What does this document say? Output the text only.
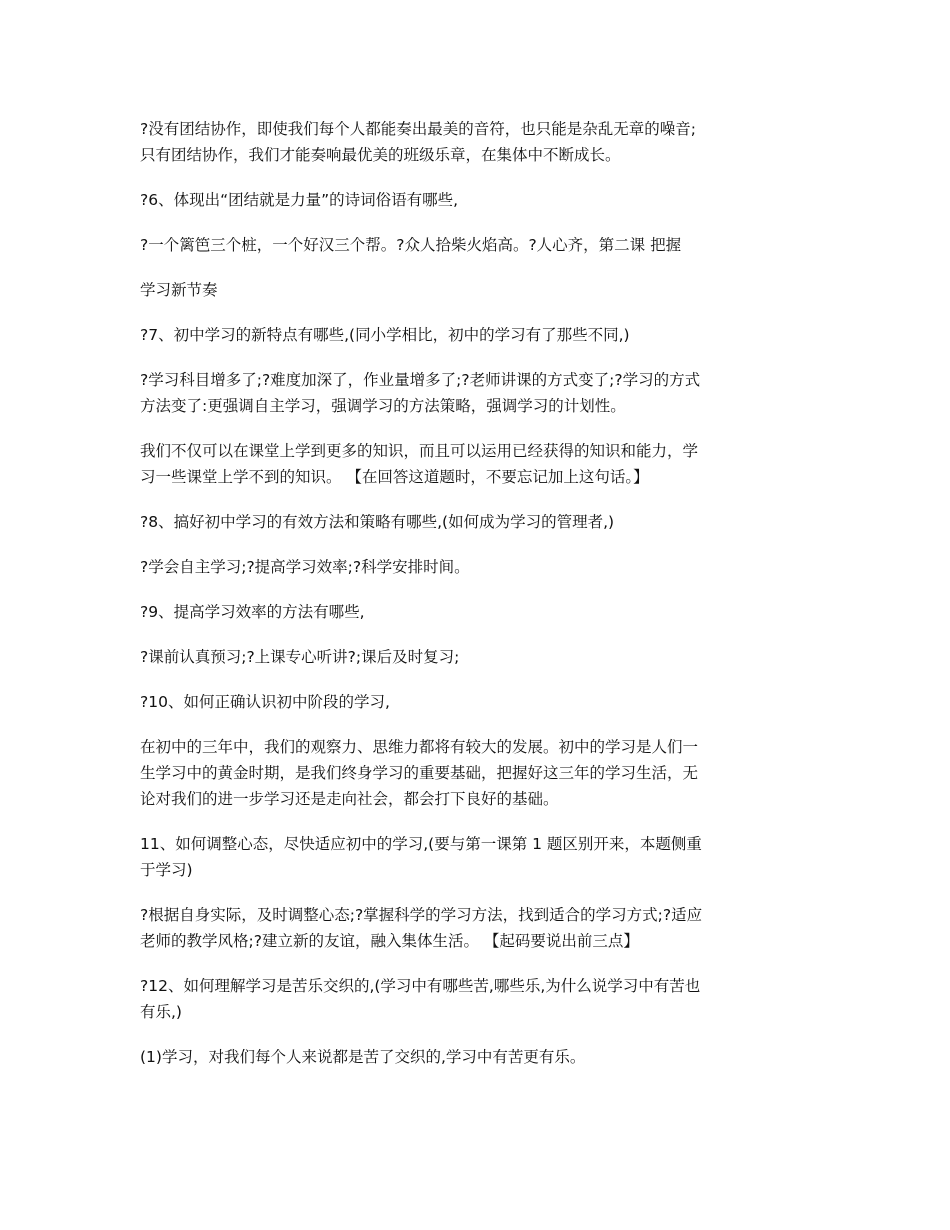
?没有团结协作，即使我们每个人都能奏出最美的音符，也只能是杂乱无章的噪音;
只有团结协作，我们才能奏响最优美的班级乐章，在集体中不断成长。

?6、体现出“团结就是力量”的诗词俗语有哪些,

?一个篱笆三个桩，一个好汉三个帮。?众人拾柴火焰高。?人心齐，第二课 把握

学习新节奏

?7、初中学习的新特点有哪些,(同小学相比，初中的学习有了那些不同,)

?学习科目增多了;?难度加深了，作业量增多了;?老师讲课的方式变了;?学习的方式
方法变了:更强调自主学习，强调学习的方法策略，强调学习的计划性。

我们不仅可以在课堂上学到更多的知识，而且可以运用已经获得的知识和能力，学
习一些课堂上学不到的知识。 【在回答这道题时，不要忘记加上这句话。】

?8、搞好初中学习的有效方法和策略有哪些,(如何成为学习的管理者,)

?学会自主学习;?提高学习效率;?科学安排时间。

?9、提高学习效率的方法有哪些,

?课前认真预习;?上课专心听讲?;课后及时复习;

?10、如何正确认识初中阶段的学习,

在初中的三年中，我们的观察力、思维力都将有较大的发展。初中的学习是人们一
生学习中的黄金时期，是我们终身学习的重要基础，把握好这三年的学习生活，无
论对我们的进一步学习还是走向社会，都会打下良好的基础。

11、如何调整心态，尽快适应初中的学习,(要与第一课第 1 题区别开来，本题侧重
于学习)

?根据自身实际，及时调整心态;?掌握科学的学习方法，找到适合的学习方式;?适应
老师的教学风格;?建立新的友谊，融入集体生活。 【起码要说出前三点】

?12、如何理解学习是苦乐交织的,(学习中有哪些苦,哪些乐,为什么说学习中有苦也
有乐,)

(1)学习，对我们每个人来说都是苦了交织的,学习中有苦更有乐。
